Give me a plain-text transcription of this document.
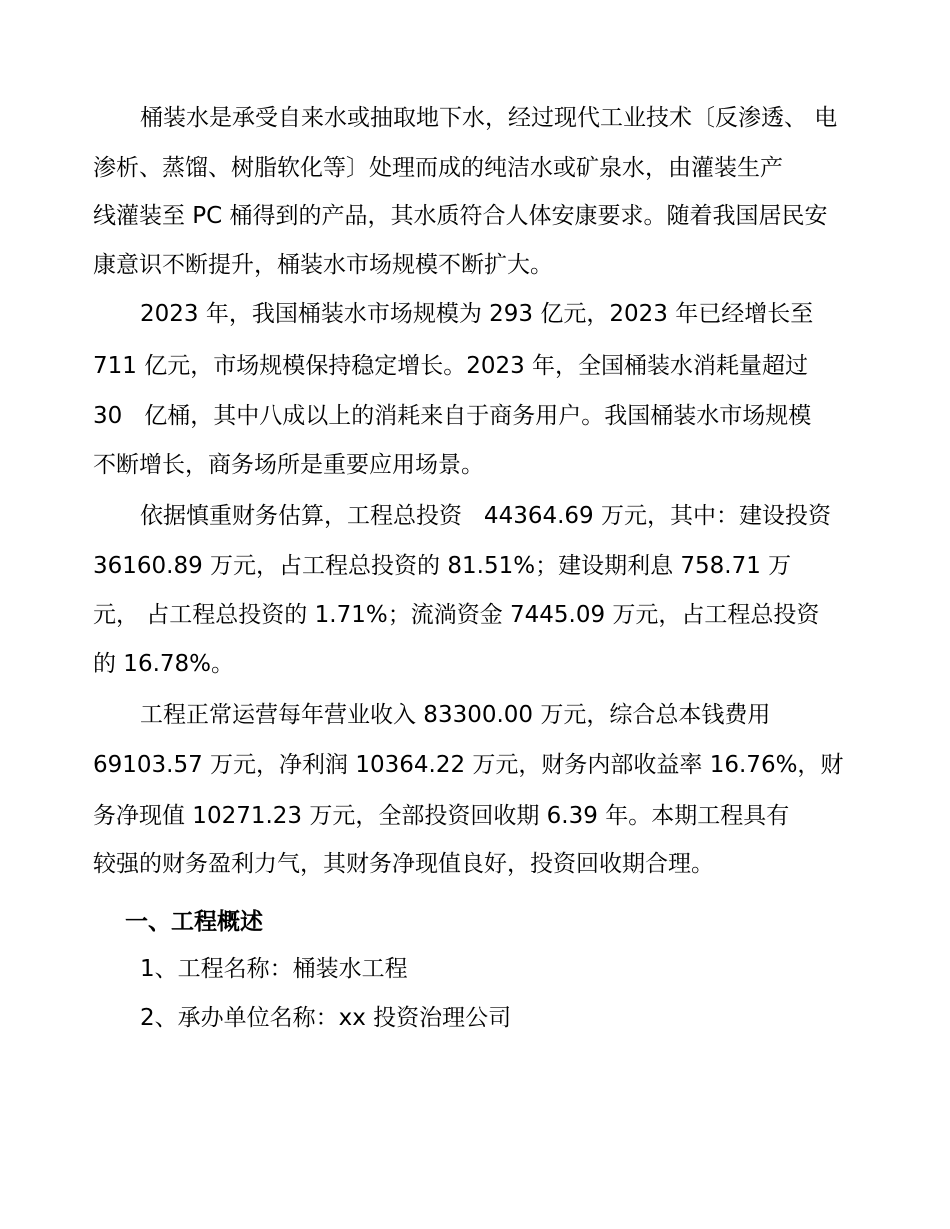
桶装水是承受自来水或抽取地下水，经过现代工业技术〔反渗透、 电
渗析、蒸馏、树脂软化等〕处理而成的纯洁水或矿泉水，由灌装生产
线灌装至 PC 桶得到的产品，其水质符合人体安康要求。随着我国居民安
康意识不断提升，桶装水市场规模不断扩大。
2023 年，我国桶装水市场规模为 293 亿元，2023 年已经增长至
711 亿元，市场规模保持稳定增长。2023 年，全国桶装水消耗量超过
30   亿桶，其中八成以上的消耗来自于商务用户。我国桶装水市场规模
不断增长，商务场所是重要应用场景。
依据慎重财务估算，工程总投资   44364.69 万元，其中：建设投资
36160.89 万元，占工程总投资的 81.51%；建设期利息 758.71 万
元， 占工程总投资的 1.71%；流淌资金 7445.09 万元，占工程总投资
的 16.78%。
工程正常运营每年营业收入 83300.00 万元，综合总本钱费用
69103.57 万元，净利润 10364.22 万元，财务内部收益率 16.76%，财
务净现值 10271.23 万元，全部投资回收期 6.39 年。本期工程具有
较强的财务盈利力气，其财务净现值良好，投资回收期合理。
一、工程概述
1、工程名称：桶装水工程
2、承办单位名称：xx 投资治理公司
